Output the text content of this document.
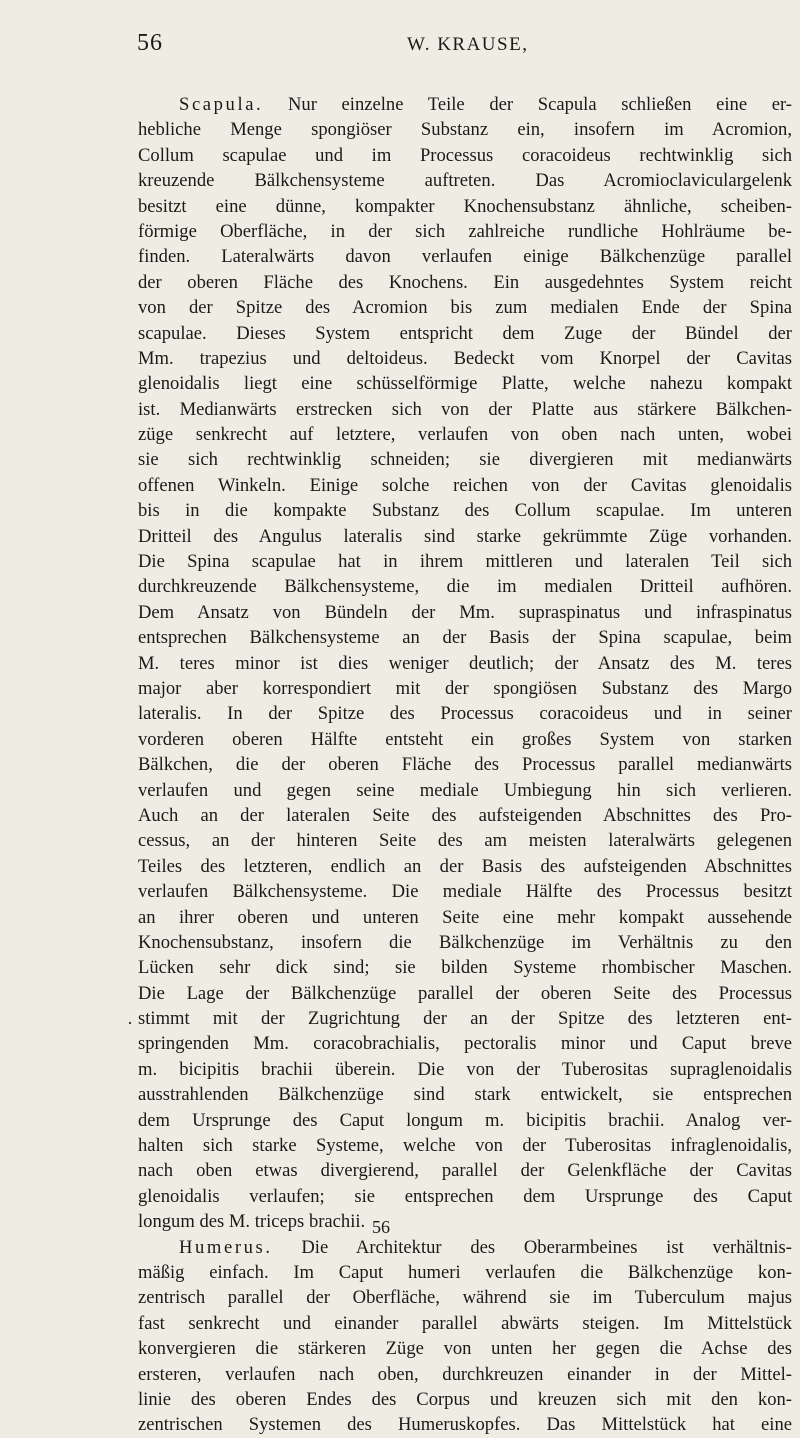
56	W. KRAUSE,
Scapula. Nur einzelne Teile der Scapula schließen eine er-
hebliche Menge spongiöser Substanz ein, insofern im Acromion,
Collum scapulae und im Processus coracoideus rechtwinklig sich
kreuzende Bälkchensysteme auftreten. Das Acromioclaviculargelenk
besitzt eine dünne, kompakter Knochensubstanz ähnliche, scheiben-
förmige Oberfläche, in der sich zahlreiche rundliche Hohlräume be-
finden. Lateralwärts davon verlaufen einige Bälkchenzüge parallel
der oberen Fläche des Knochens. Ein ausgedehntes System reicht
von der Spitze des Acromion bis zum medialen Ende der Spina
scapulae. Dieses System entspricht dem Zuge der Bündel der
Mm. trapezius und deltoideus. Bedeckt vom Knorpel der Cavitas
glenoidalis liegt eine schüsselförmige Platte, welche nahezu kompakt
ist. Medianwärts erstrecken sich von der Platte aus stärkere Bälkchen-
züge senkrecht auf letztere, verlaufen von oben nach unten, wobei
sie sich rechtwinklig schneiden; sie divergieren mit medianwärts
offenen Winkeln. Einige solche reichen von der Cavitas glenoidalis
bis in die kompakte Substanz des Collum scapulae. Im unteren
Dritteil des Angulus lateralis sind starke gekrümmte Züge vorhanden.
Die Spina scapulae hat in ihrem mittleren und lateralen Teil sich
durchkreuzende Bälkchensysteme, die im medialen Dritteil aufhören.
Dem Ansatz von Bündeln der Mm. supraspinatus und infraspinatus
entsprechen Bälkchensysteme an der Basis der Spina scapulae, beim
M. teres minor ist dies weniger deutlich; der Ansatz des M. teres
major aber korrespondiert mit der spongiösen Substanz des Margo
lateralis. In der Spitze des Processus coracoideus und in seiner
vorderen oberen Hälfte entsteht ein großes System von starken
Bälkchen, die der oberen Fläche des Processus parallel medianwärts
verlaufen und gegen seine mediale Umbiegung hin sich verlieren.
Auch an der lateralen Seite des aufsteigenden Abschnittes des Pro-
cessus, an der hinteren Seite des am meisten lateralwärts gelegenen
Teiles des letzteren, endlich an der Basis des aufsteigenden Abschnittes
verlaufen Bälkchensysteme. Die mediale Hälfte des Processus besitzt
an ihrer oberen und unteren Seite eine mehr kompakt aussehende
Knochensubstanz, insofern die Bälkchenzüge im Verhältnis zu den
Lücken sehr dick sind; sie bilden Systeme rhombischer Maschen.
Die Lage der Bälkchenzüge parallel der oberen Seite des Processus
stimmt mit der Zugrichtung der an der Spitze des letzteren ent-
springenden Mm. coracobrachialis, pectoralis minor und Caput breve
m. bicipitis brachii überein. Die von der Tuberositas supraglenoidalis
ausstrahlenden Bälkchenzüge sind stark entwickelt, sie entsprechen
dem Ursprunge des Caput longum m. bicipitis brachii. Analog ver-
halten sich starke Systeme, welche von der Tuberositas infraglenoidalis,
nach oben etwas divergierend, parallel der Gelenkfläche der Cavitas
glenoidalis verlaufen; sie entsprechen dem Ursprunge des Caput
longum des M. triceps brachii.
Humerus. Die Architektur des Oberarmbeines ist verhältnis-
mäßig einfach. Im Caput humeri verlaufen die Bälkchenzüge kon-
zentrisch parallel der Oberfläche, während sie im Tuberculum majus
fast senkrecht und einander parallel abwärts steigen. Im Mittelstück
konvergieren die stärkeren Züge von unten her gegen die Achse des
ersteren, verlaufen nach oben, durchkreuzen einander in der Mittel-
linie des oberen Endes des Corpus und kreuzen sich mit den kon-
zentrischen Systemen des Humeruskopfes. Das Mittelstück hat eine
·
56
